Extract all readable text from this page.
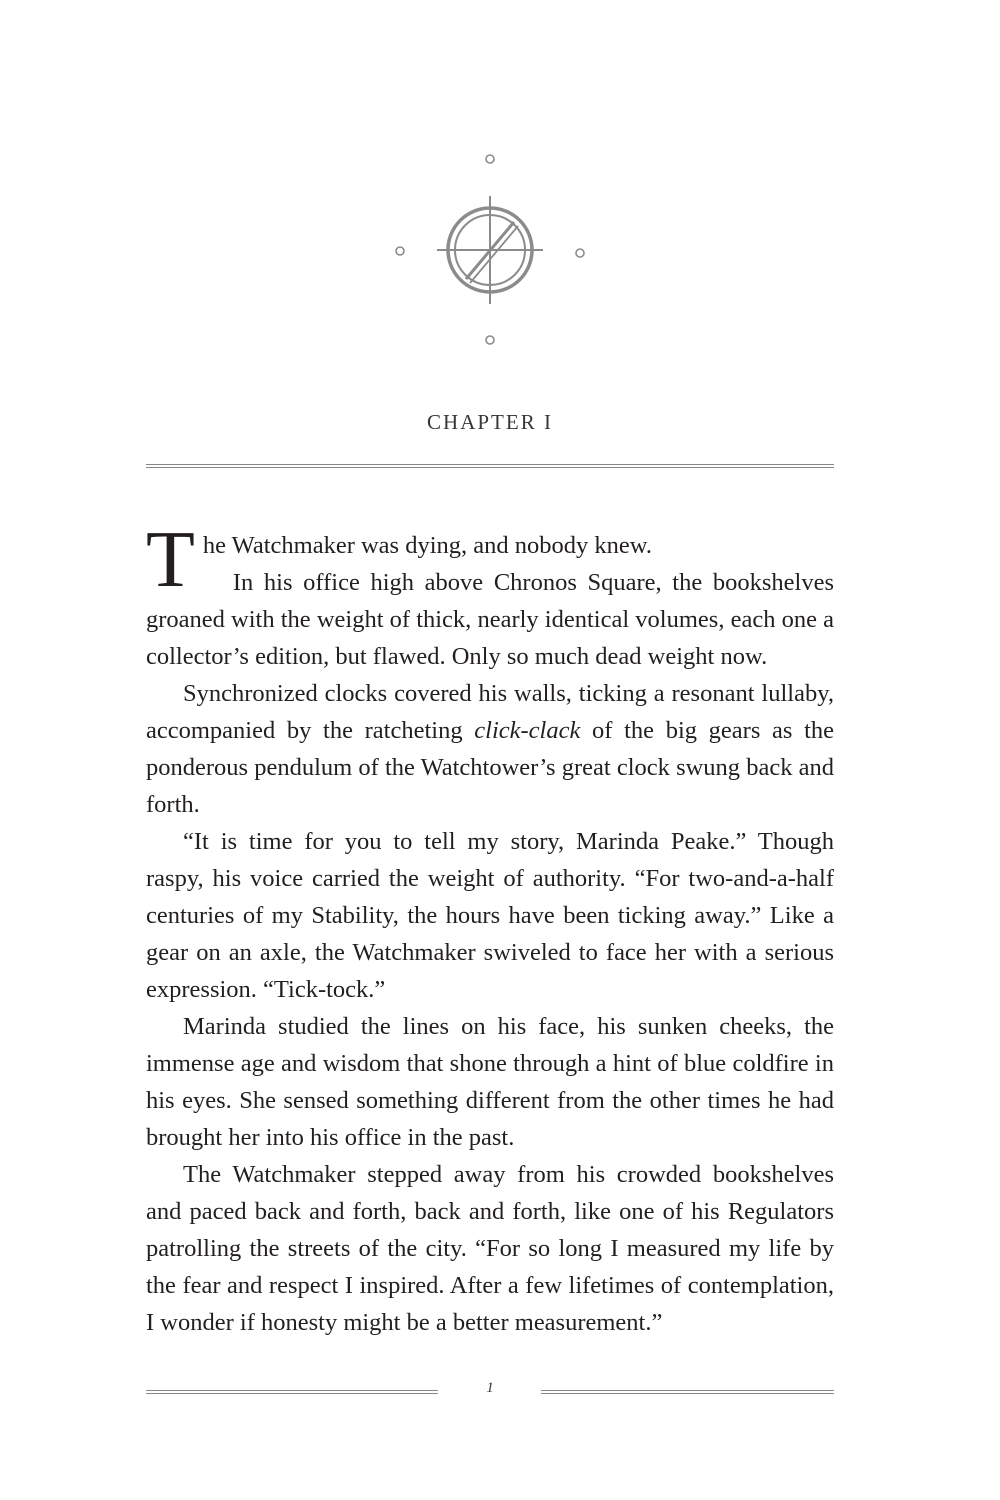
CHAPTER I

The Watchmaker was dying, and nobody knew.
In his office high above Chronos Square, the bookshelves groaned with the weight of thick, nearly identical volumes, each one a collector’s edition, but flawed. Only so much dead weight now.

Synchronized clocks covered his walls, ticking a resonant lullaby, accompanied by the ratcheting click-clack of the big gears as the ponderous pendulum of the Watchtower’s great clock swung back and forth.

“It is time for you to tell my story, Marinda Peake.” Though raspy, his voice carried the weight of authority. “For two-and-a-half centuries of my Stability, the hours have been ticking away.” Like a gear on an axle, the Watchmaker swiveled to face her with a serious expression. “Tick-tock.”

Marinda studied the lines on his face, his sunken cheeks, the immense age and wisdom that shone through a hint of blue coldfire in his eyes. She sensed something different from the other times he had brought her into his office in the past.

The Watchmaker stepped away from his crowded bookshelves and paced back and forth, back and forth, like one of his Regulators patrolling the streets of the city. “For so long I measured my life by the fear and respect I inspired. After a few lifetimes of contemplation, I wonder if honesty might be a better measurement.”

1
